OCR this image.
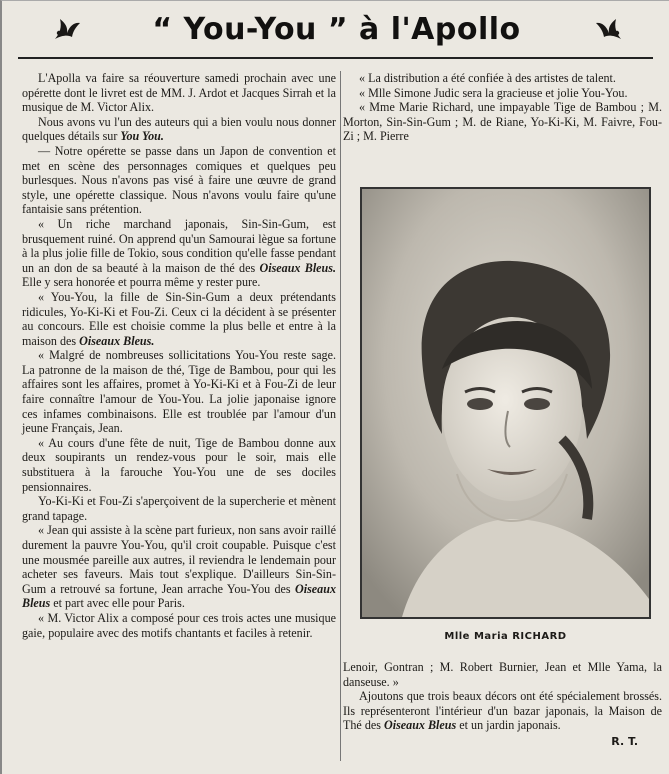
“ You-You ” à l'Apollo

L'Apolla va faire sa réouverture samedi prochain avec une opérette dont le livret est de MM. J. Ardot et Jacques Sirrah et la musique de M. Victor Alix.

Nous avons vu l'un des auteurs qui a bien voulu nous donner quelques détails sur You You.

— Notre opérette se passe dans un Japon de convention et met en scène des personnages comiques et quelques peu burlesques. Nous n'avons pas visé à faire une œuvre de grand style, une opérette classique. Nous n'avons voulu faire qu'une fantaisie sans prétention.

« Un riche marchand japonais, Sin-Sin-Gum, est brusquement ruiné. On apprend qu'un Samourai lègue sa fortune à la plus jolie fille de Tokio, sous condition qu'elle fasse pendant un an don de sa beauté à la maison de thé des Oiseaux Bleus. Elle y sera honorée et pourra même y rester pure.

« You-You, la fille de Sin-Sin-Gum a deux prétendants ridicules, Yo-Ki-Ki et Fou-Zi. Ceux ci la décident à se présenter au concours. Elle est choisie comme la plus belle et entre à la maison des Oiseaux Bleus.

« Malgré de nombreuses sollicitations You-You reste sage. La patronne de la maison de thé, Tige de Bambou, pour qui les affaires sont les affaires, promet à Yo-Ki-Ki et à Fou-Zi de leur faire connaître l'amour de You-You. La jolie japonaise ignore ces infames combinaisons. Elle est troublée par l'amour d'un jeune Français, Jean.

« Au cours d'une fête de nuit, Tige de Bambou donne aux deux soupirants un rendez-vous pour le soir, mais elle substituera à la farouche You-You une de ses dociles pensionnaires.

Yo-Ki-Ki et Fou-Zi s'aperçoivent de la supercherie et mènent grand tapage.

« Jean qui assiste à la scène part furieux, non sans avoir raillé durement la pauvre You-You, qu'il croit coupable. Puisque c'est une mousmée pareille aux autres, il reviendra le lendemain pour acheter ses faveurs. Mais tout s'explique. D'ailleurs Sin-Sin-Gum a retrouvé sa fortune, Jean arrache You-You des Oiseaux Bleus et part avec elle pour Paris.

« M. Victor Alix a composé pour ces trois actes une musique gaie, populaire avec des motifs chantants et faciles à retenir.

« La distribution a été confiée à des artistes de talent.

« Mlle Simone Judic sera la gracieuse et jolie You-You.

« Mme Marie Richard, une impayable Tige de Bambou ; M. Morton, Sin-Sin-Gum ; M. de Riane, Yo-Ki-Ki, M. Faivre, Fou-Zi ; M. Pierre

Mlle Maria RICHARD

Lenoir, Gontran ; M. Robert Burnier, Jean et Mlle Yama, la danseuse. »

Ajoutons que trois beaux décors ont été spécialement brossés. Ils représenteront l'intérieur d'un bazar japonais, la Maison de Thé des Oiseaux Bleus et un jardin japonais.

R. T.
